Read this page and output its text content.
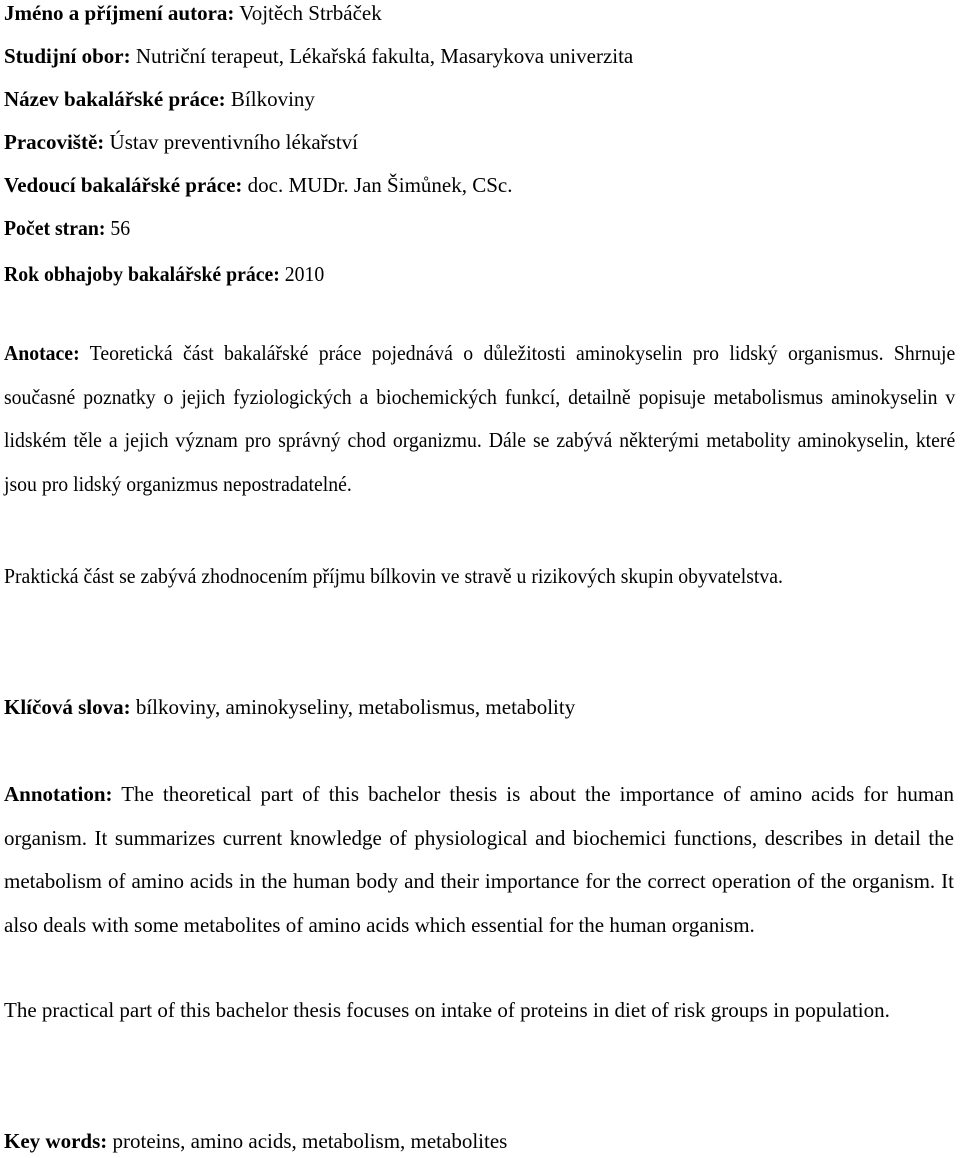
Jméno a příjmení autora: Vojtěch Strbáček
Studijní obor: Nutriční terapeut, Lékařská fakulta, Masarykova univerzita
Název bakalářské práce: Bílkoviny
Pracoviště: Ústav preventivního lékařství
Vedoucí bakalářské práce: doc. MUDr. Jan Šimůnek, CSc.
Počet stran: 56
Rok obhajoby bakalářské práce: 2010
Anotace: Teoretická část bakalářské práce pojednává o důležitosti aminokyselin pro lidský organismus. Shrnuje současné poznatky o jejich fyziologických a biochemických funkcí, detailně popisuje metabolismus aminokyselin v lidském těle a jejich význam pro správný chod organizmu. Dále se zabývá některými metabolity aminokyselin, které jsou pro lidský organizmus nepostradatelné.
Praktická část se zabývá zhodnocením příjmu bílkovin ve stravě u rizikových skupin obyvatelstva.
Klíčová slova: bílkoviny, aminokyseliny, metabolismus, metabolity
Annotation: The theoretical part of this bachelor thesis is about the importance of amino acids for human organism. It summarizes current knowledge of physiological and biochemici functions, describes in detail the metabolism of amino acids in the human body and their importance for the correct operation of the organism. It also deals with some metabolites of amino acids which essential for the human organism.
The practical part of this bachelor thesis focuses on intake of proteins in diet of risk groups in population.
Key words: proteins, amino acids, metabolism, metabolites
